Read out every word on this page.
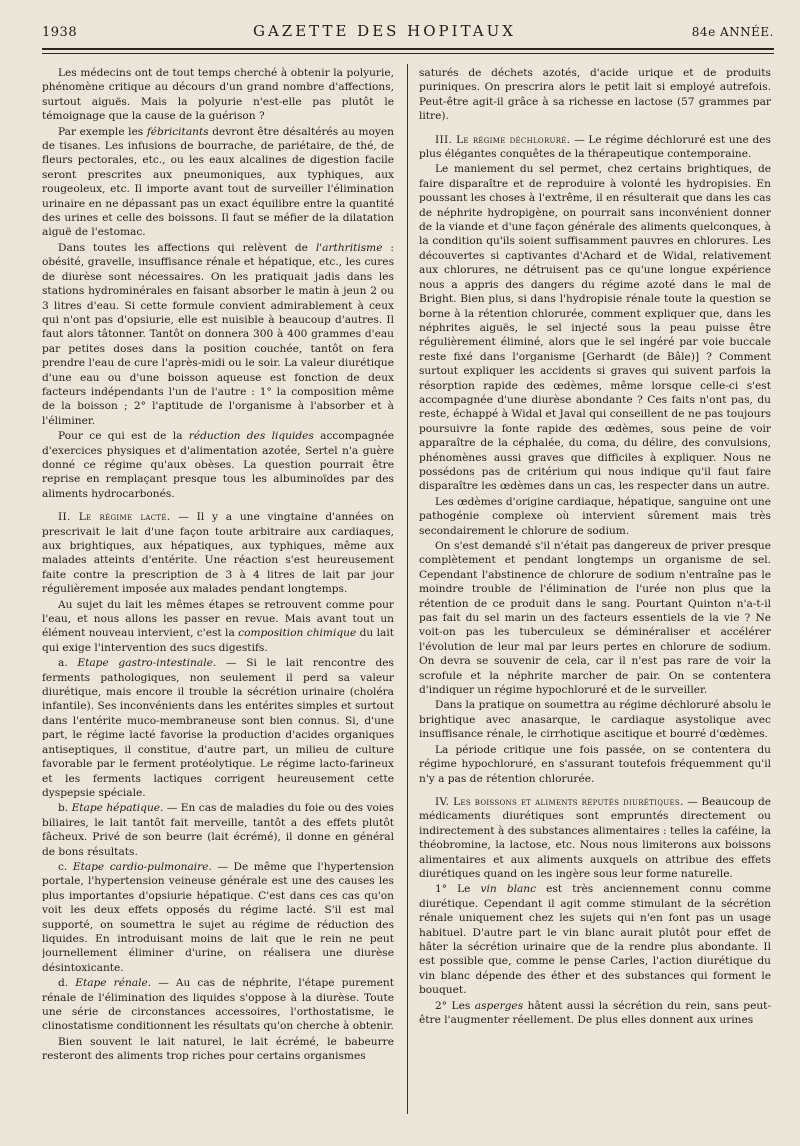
1938	GAZETTE DES HOPITAUX	84e ANNÉE.

Les médecins ont de tout temps cherché à obtenir la polyurie, phénomène critique au décours d'un grand nombre d'affections, surtout aiguës. Mais la polyurie n'est-elle pas plutôt le témoignage que la cause de la guérison ?

Par exemple les fébricitants devront être désaltérés au moyen de tisanes. Les infusions de bourrache, de pariétaire, de thé, de fleurs pectorales, etc., ou les eaux alcalines de digestion facile seront prescrites aux pneumoniques, aux typhiques, aux rougeoleux, etc. Il importe avant tout de surveiller l'élimination urinaire en ne dépassant pas un exact équilibre entre la quantité des urines et celle des boissons. Il faut se méfier de la dilatation aiguë de l'estomac.

Dans toutes les affections qui relèvent de l'arthritisme : obésité, gravelle, insuffisance rénale et hépatique, etc., les cures de diurèse sont nécessaires. On les pratiquait jadis dans les stations hydrominérales en faisant absorber le matin à jeun 2 ou 3 litres d'eau. Si cette formule convient admirablement à ceux qui n'ont pas d'opsiurie, elle est nuisible à beaucoup d'autres. Il faut alors tâtonner. Tantôt on donnera 300 à 400 grammes d'eau par petites doses dans la position couchée, tantôt on fera prendre l'eau de cure l'après-midi ou le soir. La valeur diurétique d'une eau ou d'une boisson aqueuse est fonction de deux facteurs indépendants l'un de l'autre : 1° la composition même de la boisson ; 2° l'aptitude de l'organisme à l'absorber et à l'éliminer.

Pour ce qui est de la réduction des liquides accompagnée d'exercices physiques et d'alimentation azotée, Sertel n'a guère donné ce régime qu'aux obèses. La question pourrait être reprise en remplaçant presque tous les albuminoïdes par des aliments hydrocarbonés.

II. Le régime lacté. — Il y a une vingtaine d'années on prescrivait le lait d'une façon toute arbitraire aux cardiaques, aux brightiques, aux hépatiques, aux typhiques, même aux malades atteints d'entérite. Une réaction s'est heureusement faite contre la prescription de 3 à 4 litres de lait par jour régulièrement imposée aux malades pendant longtemps.

Au sujet du lait les mêmes étapes se retrouvent comme pour l'eau, et nous allons les passer en revue. Mais avant tout un élément nouveau intervient, c'est la composition chimique du lait qui exige l'intervention des sucs digestifs.

a. Etape gastro-intestinale. — Si le lait rencontre des ferments pathologiques, non seulement il perd sa valeur diurétique, mais encore il trouble la sécrétion urinaire (choléra infantile). Ses inconvénients dans les entérites simples et surtout dans l'entérite muco-membraneuse sont bien connus. Si, d'une part, le régime lacté favorise la production d'acides organiques antiseptiques, il constitue, d'autre part, un milieu de culture favorable par le ferment protéolytique. Le régime lacto-farineux et les ferments lactiques corrigent heureusement cette dyspepsie spéciale.

b. Etape hépatique. — En cas de maladies du foie ou des voies biliaires, le lait tantôt fait merveille, tantôt a des effets plutôt fâcheux. Privé de son beurre (lait écrémé), il donne en général de bons résultats.

c. Etape cardio-pulmonaire. — De même que l'hypertension portale, l'hypertension veineuse générale est une des causes les plus importantes d'opsiurie hépatique. C'est dans ces cas qu'on voit les deux effets opposés du régime lacté. S'il est mal supporté, on soumettra le sujet au régime de réduction des liquides. En introduisant moins de lait que le rein ne peut journellement éliminer d'urine, on réalisera une diurèse désintoxicante.

d. Etape rénale. — Au cas de néphrite, l'étape purement rénale de l'élimination des liquides s'oppose à la diurèse. Toute une série de circonstances accessoires, l'orthostatisme, le clinostatisme conditionnent les résultats qu'on cherche à obtenir.

Bien souvent le lait naturel, le lait écrémé, le babeurre resteront des aliments trop riches pour certains organismes

saturés de déchets azotés, d'acide urique et de produits puriniques. On prescrira alors le petit lait si employé autrefois. Peut-être agit-il grâce à sa richesse en lactose (57 grammes par litre).

III. Le régime déchloruré. — Le régime déchloruré est une des plus élégantes conquêtes de la thérapeutique contemporaine.

Le maniement du sel permet, chez certains brightiques, de faire disparaître et de reproduire à volonté les hydropisies. En poussant les choses à l'extrême, il en résulterait que dans les cas de néphrite hydropigène, on pourrait sans inconvénient donner de la viande et d'une façon générale des aliments quelconques, à la condition qu'ils soient suffisamment pauvres en chlorures. Les découvertes si captivantes d'Achard et de Widal, relativement aux chlorures, ne détruisent pas ce qu'une longue expérience nous a appris des dangers du régime azoté dans le mal de Bright. Bien plus, si dans l'hydropisie rénale toute la question se borne à la rétention chlorurée, comment expliquer que, dans les néphrites aiguës, le sel injecté sous la peau puisse être régulièrement éliminé, alors que le sel ingéré par voie buccale reste fixé dans l'organisme [Gerhardt (de Bâle)] ? Comment surtout expliquer les accidents si graves qui suivent parfois la résorption rapide des œdèmes, même lorsque celle-ci s'est accompagnée d'une diurèse abondante ? Ces faits n'ont pas, du reste, échappé à Widal et Javal qui conseillent de ne pas toujours poursuivre la fonte rapide des œdèmes, sous peine de voir apparaître de la céphalée, du coma, du délire, des convulsions, phénomènes aussi graves que difficiles à expliquer. Nous ne possédons pas de critérium qui nous indique qu'il faut faire disparaître les œdèmes dans un cas, les respecter dans un autre.

Les œdèmes d'origine cardiaque, hépatique, sanguine ont une pathogénie complexe où intervient sûrement mais très secondairement le chlorure de sodium.

On s'est demandé s'il n'était pas dangereux de priver presque complètement et pendant longtemps un organisme de sel. Cependant l'abstinence de chlorure de sodium n'entraîne pas le moindre trouble de l'élimination de l'urée non plus que la rétention de ce produit dans le sang. Pourtant Quinton n'a-t-il pas fait du sel marin un des facteurs essentiels de la vie ? Ne voit-on pas les tuberculeux se déminéraliser et accélérer l'évolution de leur mal par leurs pertes en chlorure de sodium. On devra se souvenir de cela, car il n'est pas rare de voir la scrofule et la néphrite marcher de pair. On se contentera d'indiquer un régime hypochloruré et de le surveiller.

Dans la pratique on soumettra au régime déchloruré absolu le brightique avec anasarque, le cardiaque asystolique avec insuffisance rénale, le cirrhotique ascitique et bourré d'œdèmes.

La période critique une fois passée, on se contentera du régime hypochloruré, en s'assurant toutefois fréquemment qu'il n'y a pas de rétention chlorurée.

IV. Les boissons et aliments réputés diurétiques. — Beaucoup de médicaments diurétiques sont empruntés directement ou indirectement à des substances alimentaires : telles la caféine, la théobromine, la lactose, etc. Nous nous limiterons aux boissons alimentaires et aux aliments auxquels on attribue des effets diurétiques quand on les ingère sous leur forme naturelle.

1° Le vin blanc est très anciennement connu comme diurétique. Cependant il agit comme stimulant de la sécrétion rénale uniquement chez les sujets qui n'en font pas un usage habituel. D'autre part le vin blanc aurait plutôt pour effet de hâter la sécrétion urinaire que de la rendre plus abondante. Il est possible que, comme le pense Carles, l'action diurétique du vin blanc dépende des éther et des substances qui forment le bouquet.

2° Les asperges hâtent aussi la sécrétion du rein, sans peut-être l'augmenter réellement. De plus elles donnent aux urines
